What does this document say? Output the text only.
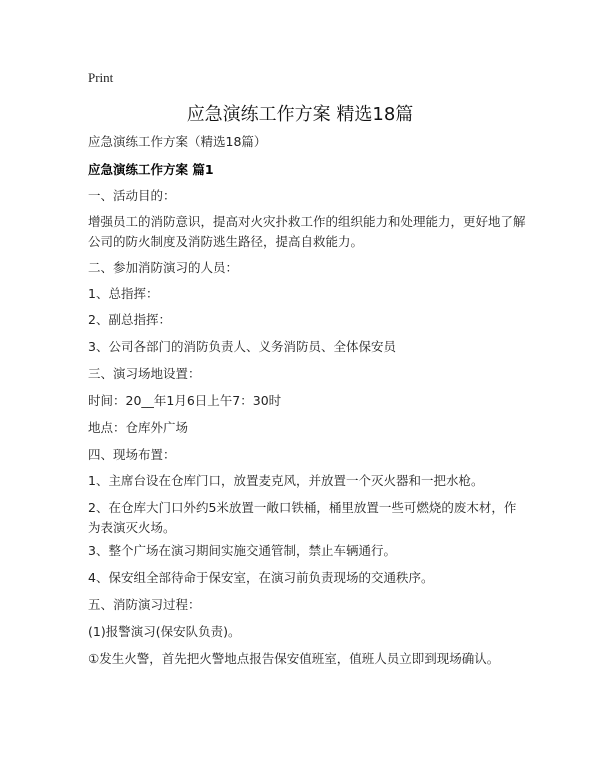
Print
应急演练工作方案 精选18篇

应急演练工作方案（精选18篇）

应急演练工作方案 篇1

一、活动目的：

增强员工的消防意识，提高对火灾扑救工作的组织能力和处理能力，更好地了解公司的防火制度及消防逃生路径，提高自救能力。

二、参加消防演习的人员：

1、总指挥：

2、副总指挥：

3、公司各部门的消防负责人、义务消防员、全体保安员

三、演习场地设置：

时间：20__年1月6日上午7：30时

地点：仓库外广场

四、现场布置：

1、主席台设在仓库门口，放置麦克风，并放置一个灭火器和一把水枪。

2、在仓库大门口外约5米放置一敞口铁桶，桶里放置一些可燃烧的废木材，作为表演灭火场。

3、整个广场在演习期间实施交通管制，禁止车辆通行。

4、保安组全部待命于保安室，在演习前负责现场的交通秩序。

五、消防演习过程：

(1)报警演习(保安队负责)。

①发生火警，首先把火警地点报告保安值班室，值班人员立即到现场确认。
